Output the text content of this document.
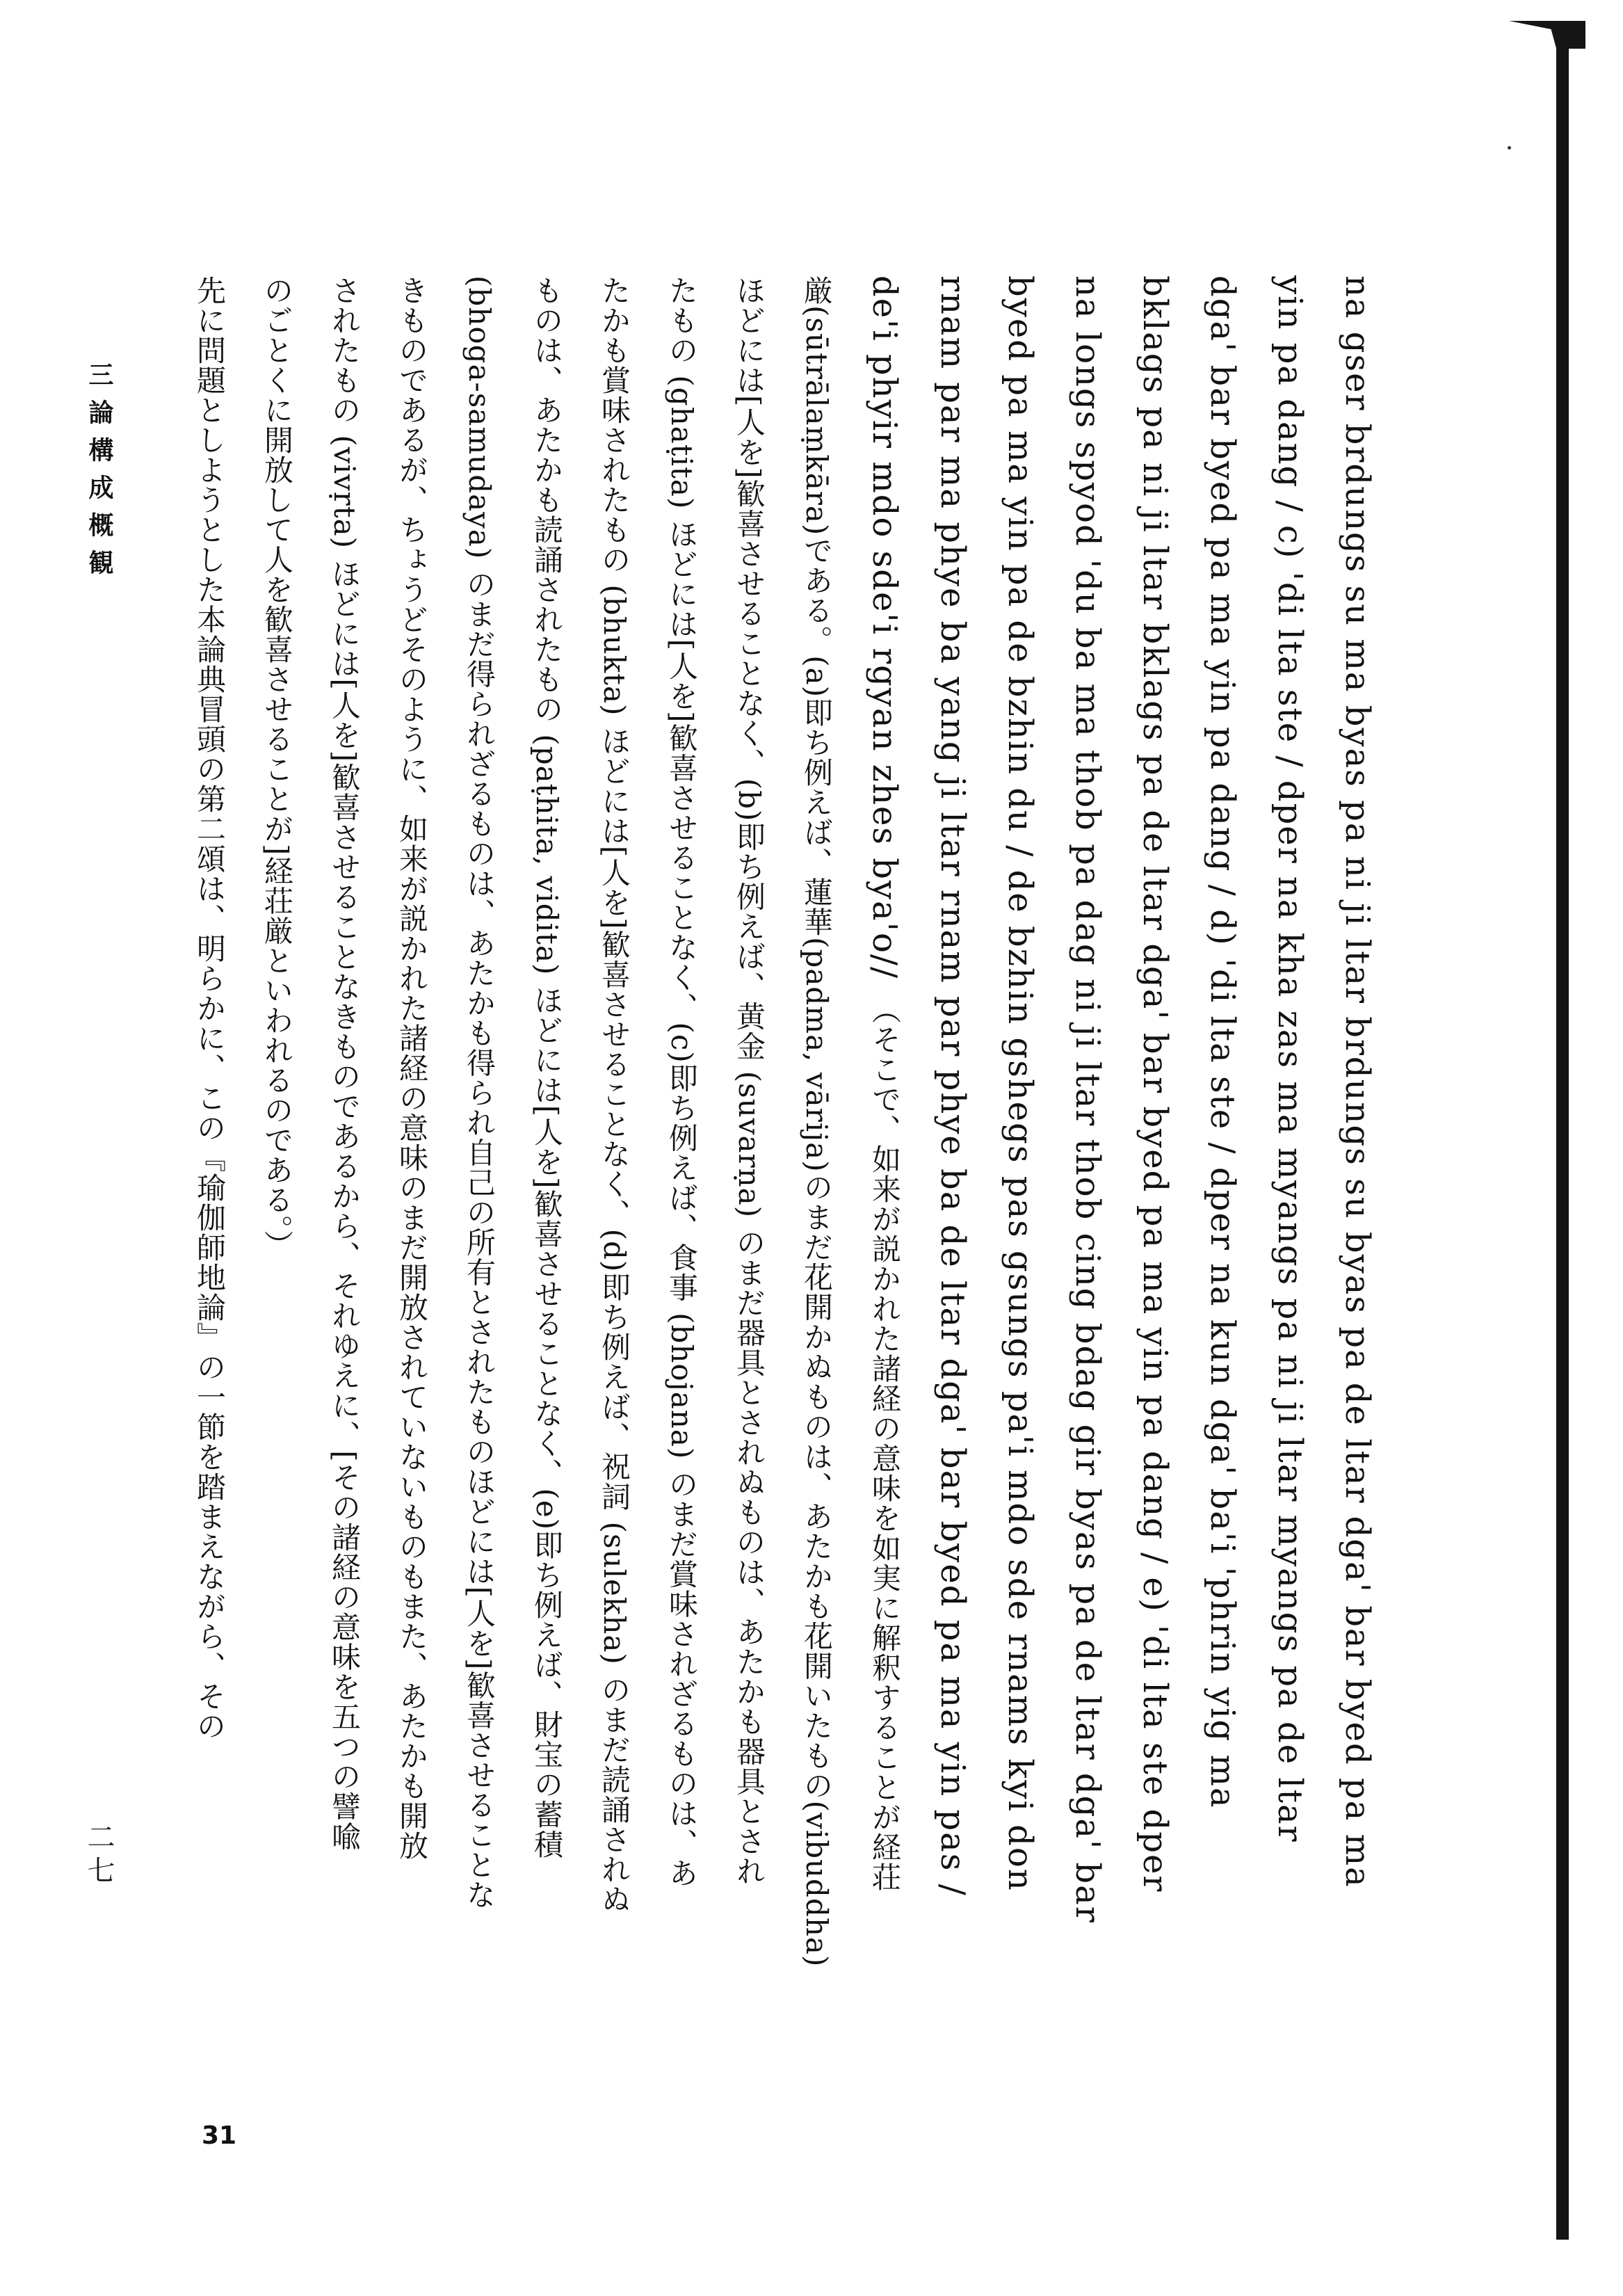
na gser brdungs su ma byas pa ni ji ltar brdungs su byas pa de ltar dga' bar byed pa ma

yin pa dang / c) 'di lta ste / dper na kha zas ma myangs pa ni ji ltar myangs pa de ltar

dga' bar byed pa ma yin pa dang / d) 'di lta ste / dper na kun dga' ba'i 'phrin yig ma

bklags pa ni ji ltar bklags pa de ltar dga' bar byed pa ma yin pa dang / e) 'di lta ste dper

na longs spyod 'du ba ma thob pa dag ni ji ltar thob cing bdag gir byas pa de ltar dga' bar

byed pa ma yin pa de bzhin du / de bzhin gshegs pas gsungs pa'i mdo sde rnams kyi don

rnam par ma phye ba yang ji ltar rnam par phye ba de ltar dga' bar byed pa ma yin pas /

de'i phyir mdo sde'i rgyan zhes bya'o//　（そこで、如来が説かれた諸経の意味を如実に解釈することが経荘

厳(sūtrālaṃkāra)である。(a)即ち例えば、蓮華(padma, vārija)のまだ花開かぬものは、あたかも花開いたもの(vibuddha)

ほどには[人を]歓喜させることなく、(b)即ち例えば、黄金 (suvarṇa) のまだ器具とされぬものは、あたかも器具とされ

たもの (ghaṭita) ほどには[人を]歓喜させることなく、(c)即ち例えば、食事 (bhojana) のまだ賞味されざるものは、あ

たかも賞味されたもの (bhukta) ほどには[人を]歓喜させることなく、(d)即ち例えば、祝詞 (sulekha) のまだ読誦されぬ

ものは、あたかも読誦されたもの (paṭhita, vidita) ほどには[人を]歓喜させることなく、(e)即ち例えば、財宝の蓄積

(bhoga-samudaya) のまだ得られざるものは、あたかも得られ自己の所有とされたものほどには[人を]歓喜させることな

きものであるが、ちょうどそのように、如来が説かれた諸経の意味のまだ開放されていないものもまた、あたかも開放

されたもの (vivṛta) ほどには[人を]歓喜させることなきものであるから、それゆえに、[その諸経の意味を五つの譬喩

のごとくに開放して人を歓喜させることが]経荘厳といわれるのである。）

先に問題としようとした本論典冒頭の第二頌は、明らかに、この『瑜伽師地論』の一節を踏まえながら、その

三論構成概観
二七
31
